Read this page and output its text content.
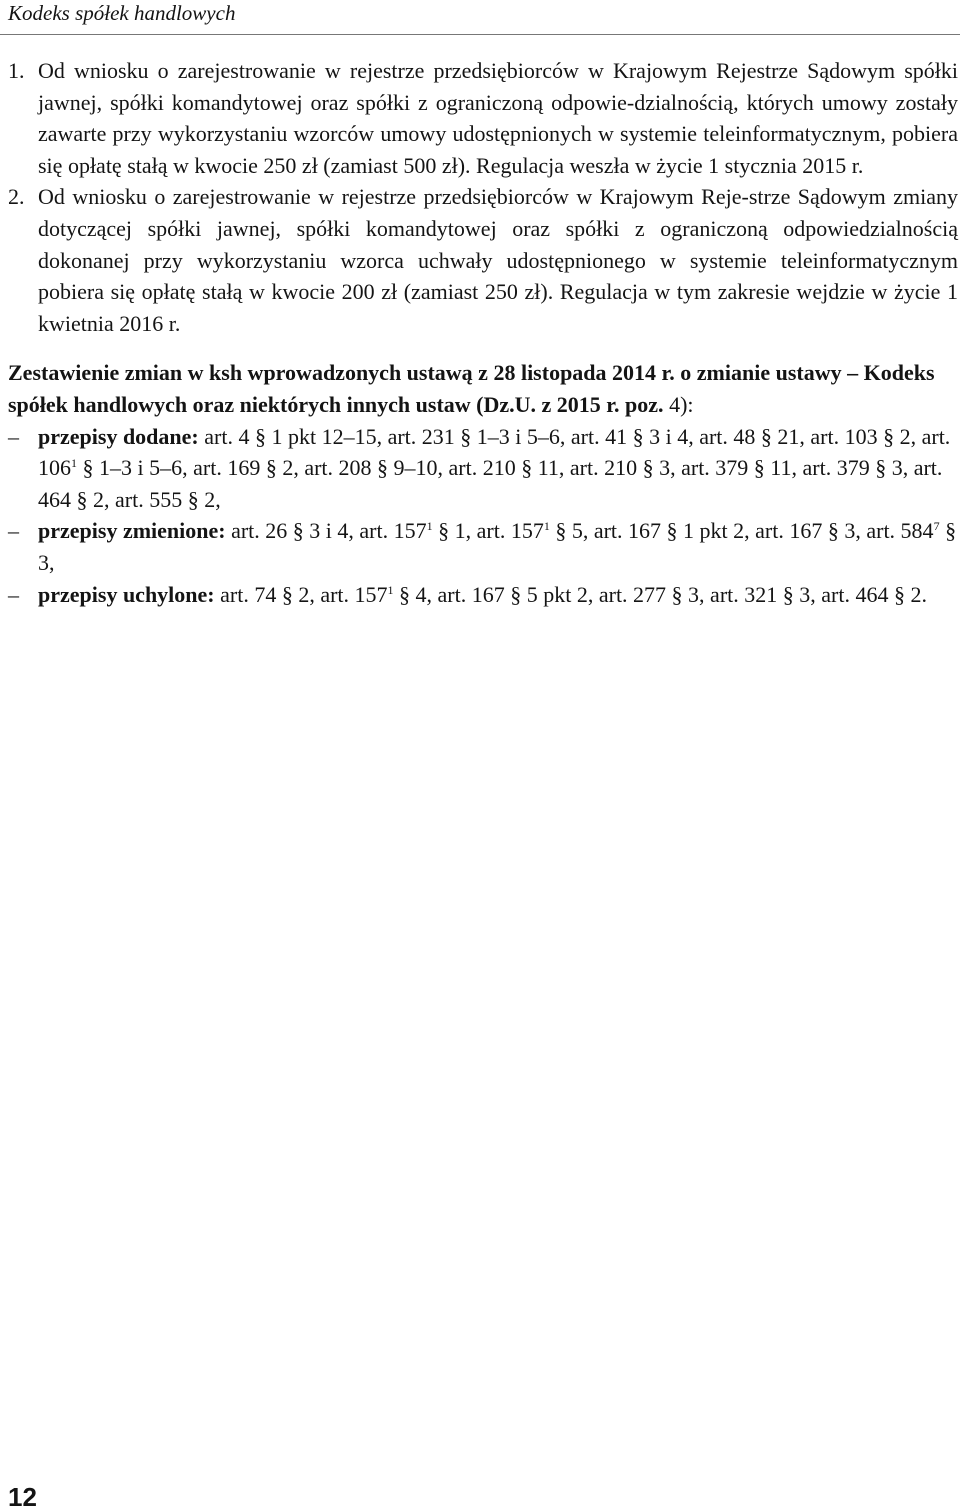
Kodeks spółek handlowych
1. Od wniosku o zarejestrowanie w rejestrze przedsiębiorców w Krajowym Rejestrze Sądowym spółki jawnej, spółki komandytowej oraz spółki z ograniczoną odpowie-dzialnością, których umowy zostały zawarte przy wykorzystaniu wzorców umowy udostępnionych w systemie teleinformatycznym, pobiera się opłatę stałą w kwocie 250 zł (zamiast 500 zł). Regulacja weszła w życie 1 stycznia 2015 r.
2. Od wniosku o zarejestrowanie w rejestrze przedsiębiorców w Krajowym Reje-strze Sądowym zmiany dotyczącej spółki jawnej, spółki komandytowej oraz spółki z ograniczoną odpowiedzialnością dokonanej przy wykorzystaniu wzorca uchwały udostępnionego w systemie teleinformatycznym pobiera się opłatę stałą w kwocie 200 zł (zamiast 250 zł). Regulacja w tym zakresie wejdzie w życie 1 kwietnia 2016 r.
Zestawienie zmian w ksh wprowadzonych ustawą z 28 listopada 2014 r. o zmianie ustawy – Kodeks spółek handlowych oraz niektórych innych ustaw (Dz.U. z 2015 r. poz. 4):
– przepisy dodane: art. 4 § 1 pkt 12–15, art. 231 § 1–3 i 5–6, art. 41 § 3 i 4, art. 48 § 21, art. 103 § 2, art. $106^1$ § 1–3 i 5–6, art. 169 § 2, art. 208 § 9–10, art. 210 § 11, art. 210 § 3, art. 379 § 11, art. 379 § 3, art. 464 § 2, art. 555 § 2,
– przepisy zmienione: art. 26 § 3 i 4, art. $157^1$ § 1, art. $157^1$ § 5, art. 167 § 1 pkt 2, art. 167 § 3, art. $584^7$ § 3,
– przepisy uchylone: art. 74 § 2, art. $157^1$ § 4, art. 167 § 5 pkt 2, art. 277 § 3, art. 321 § 3, art. 464 § 2.
12
